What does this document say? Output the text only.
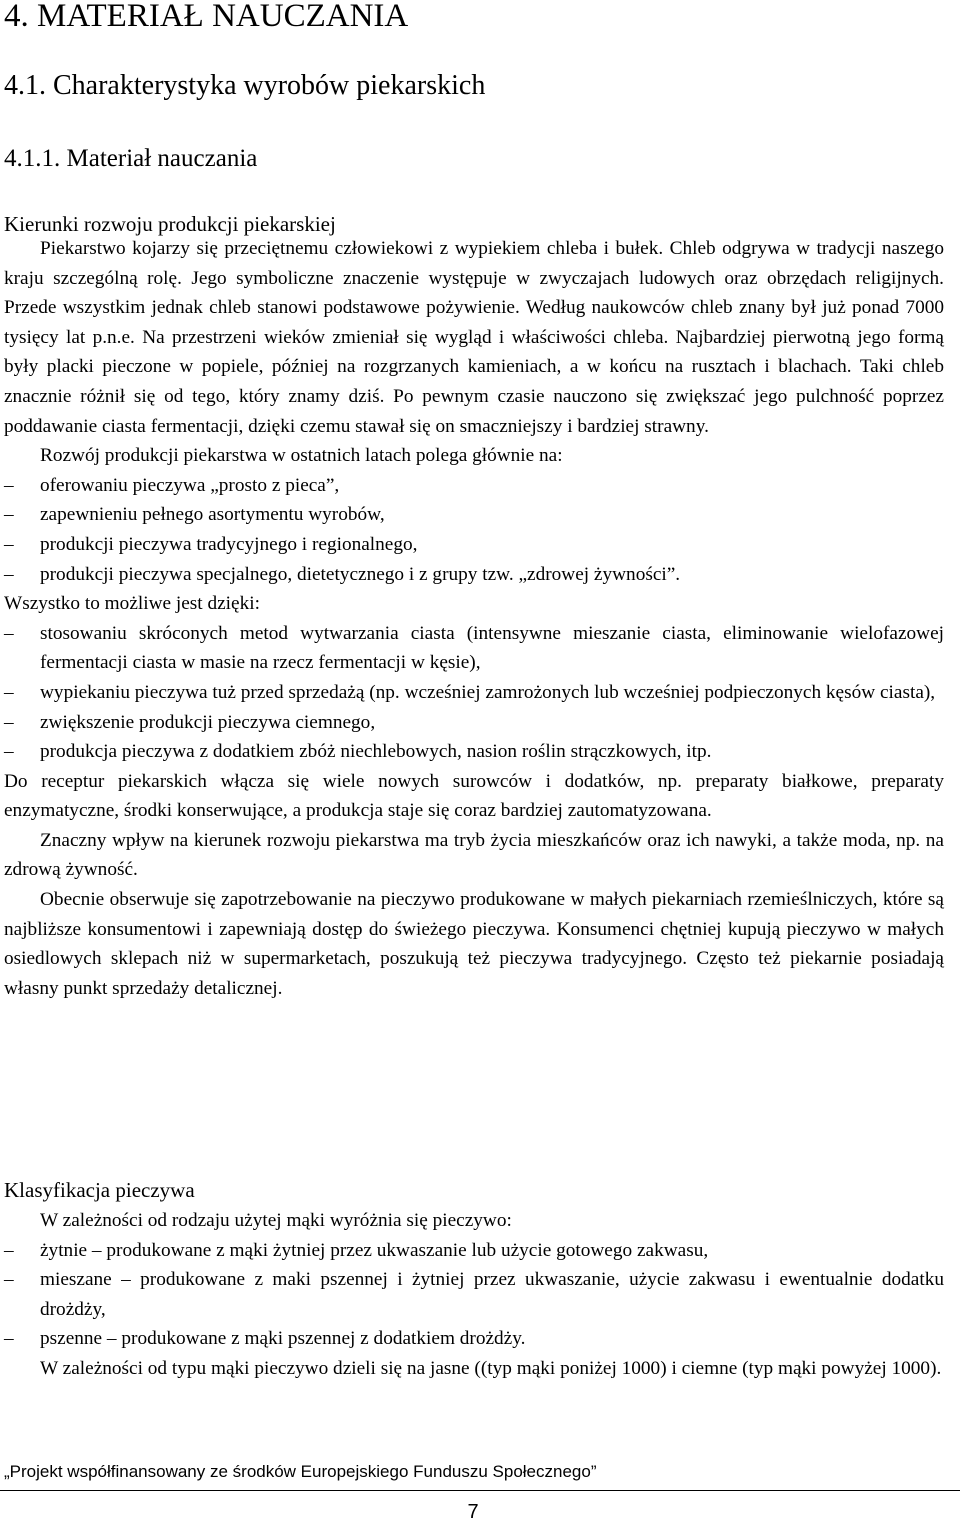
4. MATERIAŁ NAUCZANIA
4.1. Charakterystyka wyrobów piekarskich
4.1.1. Materiał nauczania
Kierunki rozwoju produkcji piekarskiej

Piekarstwo kojarzy się przeciętnemu człowiekowi z wypiekiem chleba i bułek. Chleb odgrywa w tradycji naszego kraju szczególną rolę. Jego symboliczne znaczenie występuje w zwyczajach ludowych oraz obrzędach religijnych. Przede wszystkim jednak chleb stanowi podstawowe pożywienie. Według naukowców chleb znany był już ponad 7000 tysięcy lat p.n.e. Na przestrzeni wieków zmieniał się wygląd i właściwości chleba. Najbardziej pierwotną jego formą były placki pieczone w popiele, później na rozgrzanych kamieniach, a w końcu na rusztach i blachach. Taki chleb znacznie różnił się od tego, który znamy dziś. Po pewnym czasie nauczono się zwiększać jego pulchność poprzez poddawanie ciasta fermentacji, dzięki czemu stawał się on smaczniejszy i bardziej strawny.

Rozwój produkcji piekarstwa w ostatnich latach polega głównie na:

– oferowaniu pieczywa „prosto z pieca”,

– zapewnieniu pełnego asortymentu wyrobów,

– produkcji pieczywa tradycyjnego i regionalnego,

– produkcji pieczywa specjalnego, dietetycznego i z grupy tzw. „zdrowej żywności”.

Wszystko to możliwe jest dzięki:

– stosowaniu skróconych metod wytwarzania ciasta (intensywne mieszanie ciasta, eliminowanie wielofazowej fermentacji ciasta w masie na rzecz fermentacji w kęsie),

– wypiekaniu pieczywa tuż przed sprzedażą (np. wcześniej zamrożonych lub wcześniej podpieczonych kęsów ciasta),

– zwiększenie produkcji pieczywa ciemnego,

– produkcja pieczywa z dodatkiem zbóż niechlebowych, nasion roślin strączkowych, itp.

Do receptur piekarskich włącza się wiele nowych surowców i dodatków, np. preparaty białkowe, preparaty enzymatyczne, środki konserwujące, a produkcja staje się coraz bardziej zautomatyzowana.

Znaczny wpływ na kierunek rozwoju piekarstwa ma tryb życia mieszkańców oraz ich nawyki, a także moda, np. na zdrową żywność.

Obecnie obserwuje się zapotrzebowanie na pieczywo produkowane w małych piekarniach rzemieślniczych, które są najbliższe konsumentowi i zapewniają dostęp do świeżego pieczywa. Konsumenci chętniej kupują pieczywo w małych osiedlowych sklepach niż w supermarketach, poszukują też pieczywa tradycyjnego. Często też piekarnie posiadają własny punkt sprzedaży detalicznej.

Klasyfikacja pieczywa

W zależności od rodzaju użytej mąki wyróżnia się pieczywo:

– żytnie – produkowane z mąki żytniej przez ukwaszanie lub użycie gotowego zakwasu,

– mieszane – produkowane z maki pszennej i żytniej przez ukwaszanie, użycie zakwasu i ewentualnie dodatku drożdży,

– pszenne – produkowane z mąki pszennej z dodatkiem drożdży.

W zależności od typu mąki pieczywo dzieli się na jasne ((typ mąki poniżej 1000) i ciemne (typ mąki powyżej 1000).

„Projekt współfinansowany ze środków Europejskiego Funduszu Społecznego”
7
